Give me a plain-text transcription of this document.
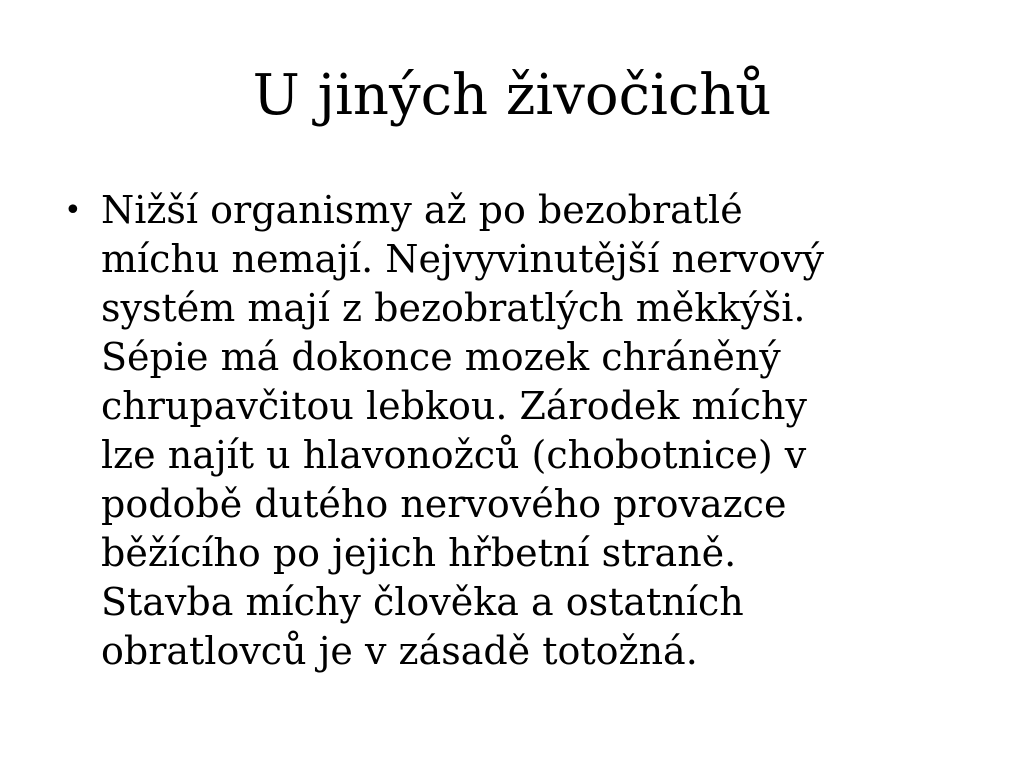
U jiných živočichů
• Nižší organismy až po bezobratlé
míchu nemají. Nejvyvinutější nervový
systém mají z bezobratlých měkkýši.
Sépie má dokonce mozek chráněný
chrupavčitou lebkou. Zárodek míchy
lze najít u hlavonožců (chobotnice) v
podobě dutého nervového provazce
běžícího po jejich hřbetní straně.
Stavba míchy člověka a ostatních
obratlovců je v zásadě totožná.
